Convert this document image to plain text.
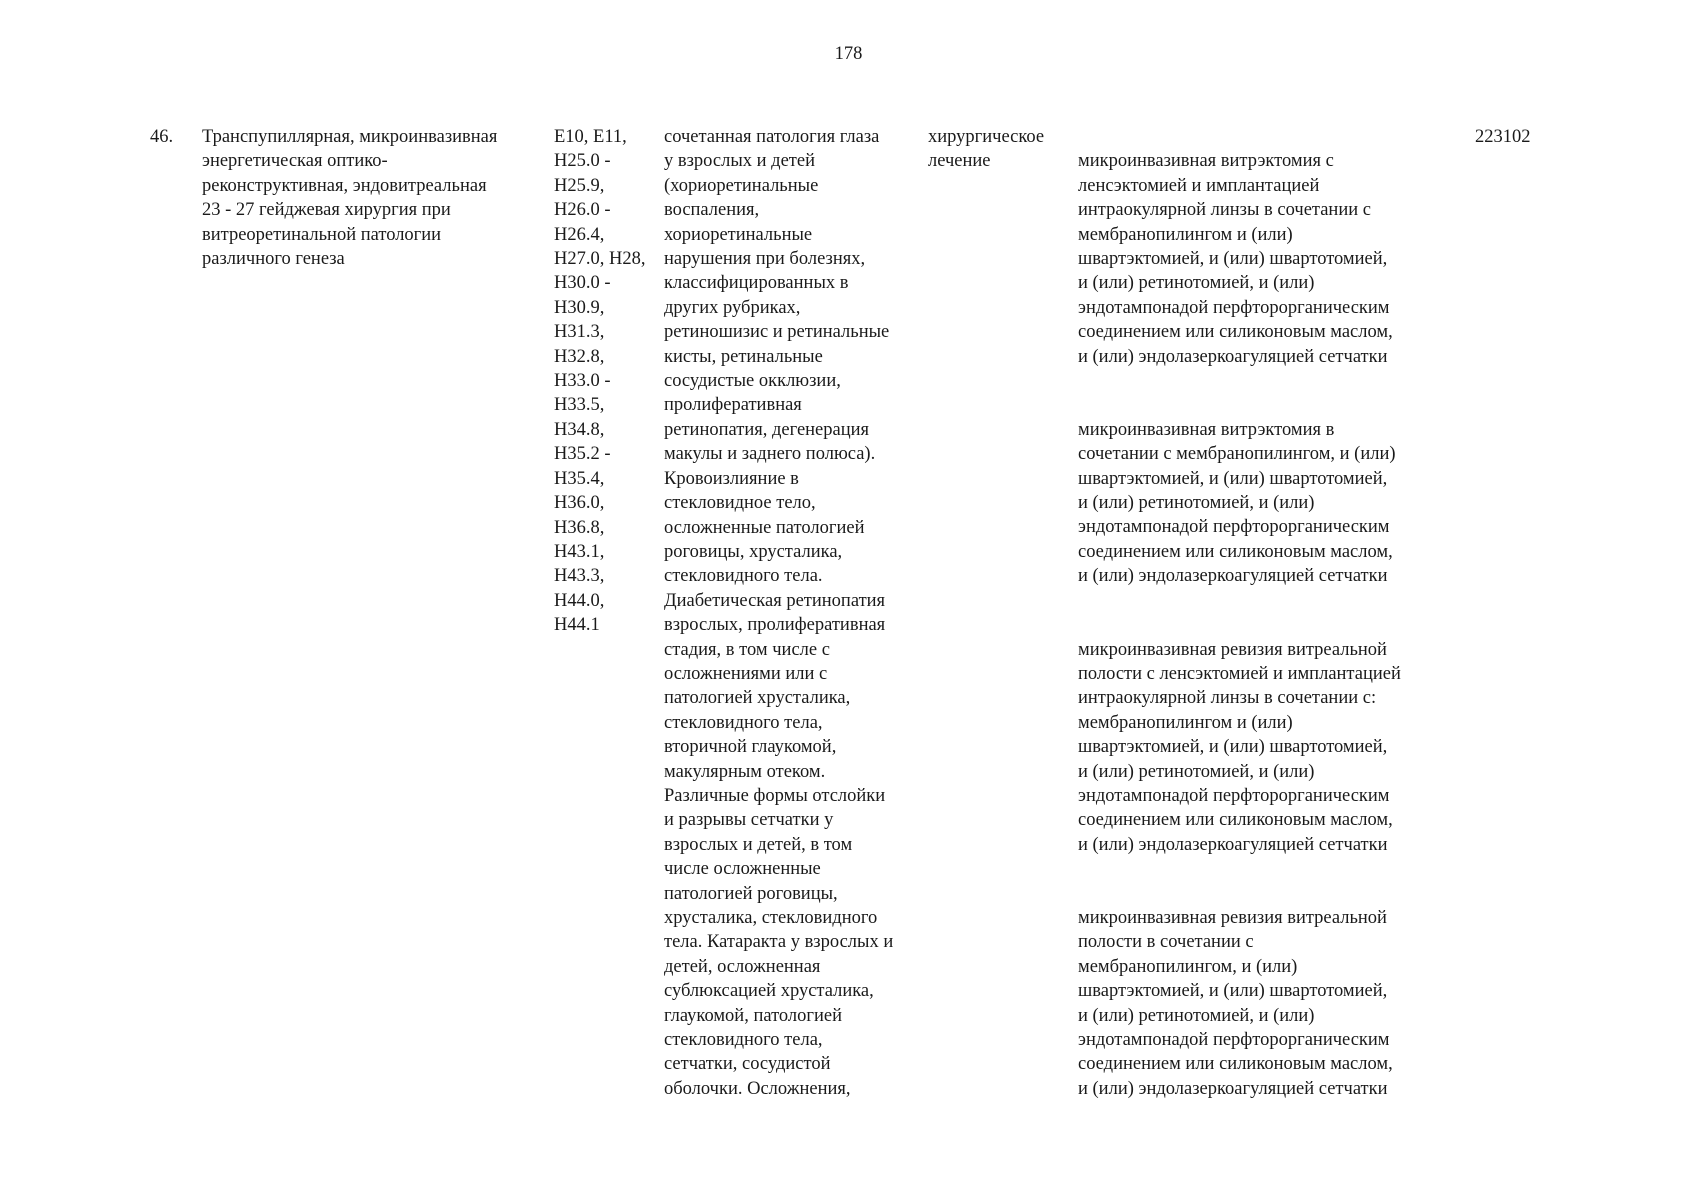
178
46.	Транспупиллярная, микроинвазивная
энергетическая оптико-
реконструктивная, эндовитреальная
23 - 27 гейджевая хирургия при
витреоретинальной патологии
различного генеза
E10, E11,
H25.0 -
H25.9,
H26.0 -
H26.4,
H27.0, H28,
H30.0 -
H30.9,
H31.3,
H32.8,
H33.0 -
H33.5,
H34.8,
H35.2 -
H35.4,
H36.0,
H36.8,
H43.1,
H43.3,
H44.0,
H44.1
сочетанная патология глаза
у взрослых и детей
(хориоретинальные
воспаления,
хориоретинальные
нарушения при болезнях,
классифицированных в
других рубриках,
ретиношизис и ретинальные
кисты, ретинальные
сосудистые окклюзии,
пролиферативная
ретинопатия, дегенерация
макулы и заднего полюса).
Кровоизлияние в
стекловидное тело,
осложненные патологией
роговицы, хрусталика,
стекловидного тела.
Диабетическая ретинопатия
взрослых, пролиферативная
стадия, в том числе с
осложнениями или с
патологией хрусталика,
стекловидного тела,
вторичной глаукомой,
макулярным отеком.
Различные формы отслойки
и разрывы сетчатки у
взрослых и детей, в том
числе осложненные
патологией роговицы,
хрусталика, стекловидного
тела. Катаракта у взрослых и
детей, осложненная
сублюксацией хрусталика,
глаукомой, патологией
стекловидного тела,
сетчатки, сосудистой
оболочки. Осложнения,
хирургическое
лечение	микроинвазивная витрэктомия с
ленсэктомией и имплантацией
интраокулярной линзы в сочетании с
мембранопилингом и (или)
швартэктомией, и (или) швартотомией,
и (или) ретинотомией, и (или)
эндотампонадой перфторорганическим
соединением или силиконовым маслом,
и (или) эндолазеркоагуляцией сетчатки

микроинвазивная витрэктомия в
сочетании с мембранопилингом, и (или)
швартэктомией, и (или) швартотомией,
и (или) ретинотомией, и (или)
эндотампонадой перфторорганическим
соединением или силиконовым маслом,
и (или) эндолазеркоагуляцией сетчатки

микроинвазивная ревизия витреальной
полости с ленсэктомией и имплантацией
интраокулярной линзы в сочетании с:
мембранопилингом и (или)
швартэктомией, и (или) швартотомией,
и (или) ретинотомией, и (или)
эндотампонадой перфторорганическим
соединением или силиконовым маслом,
и (или) эндолазеркоагуляцией сетчатки

микроинвазивная ревизия витреальной
полости в сочетании с
мембранопилингом, и (или)
швартэктомией, и (или) швартотомией,
и (или) ретинотомией, и (или)
эндотампонадой перфторорганическим
соединением или силиконовым маслом,
и (или) эндолазеркоагуляцией сетчатки

223102
